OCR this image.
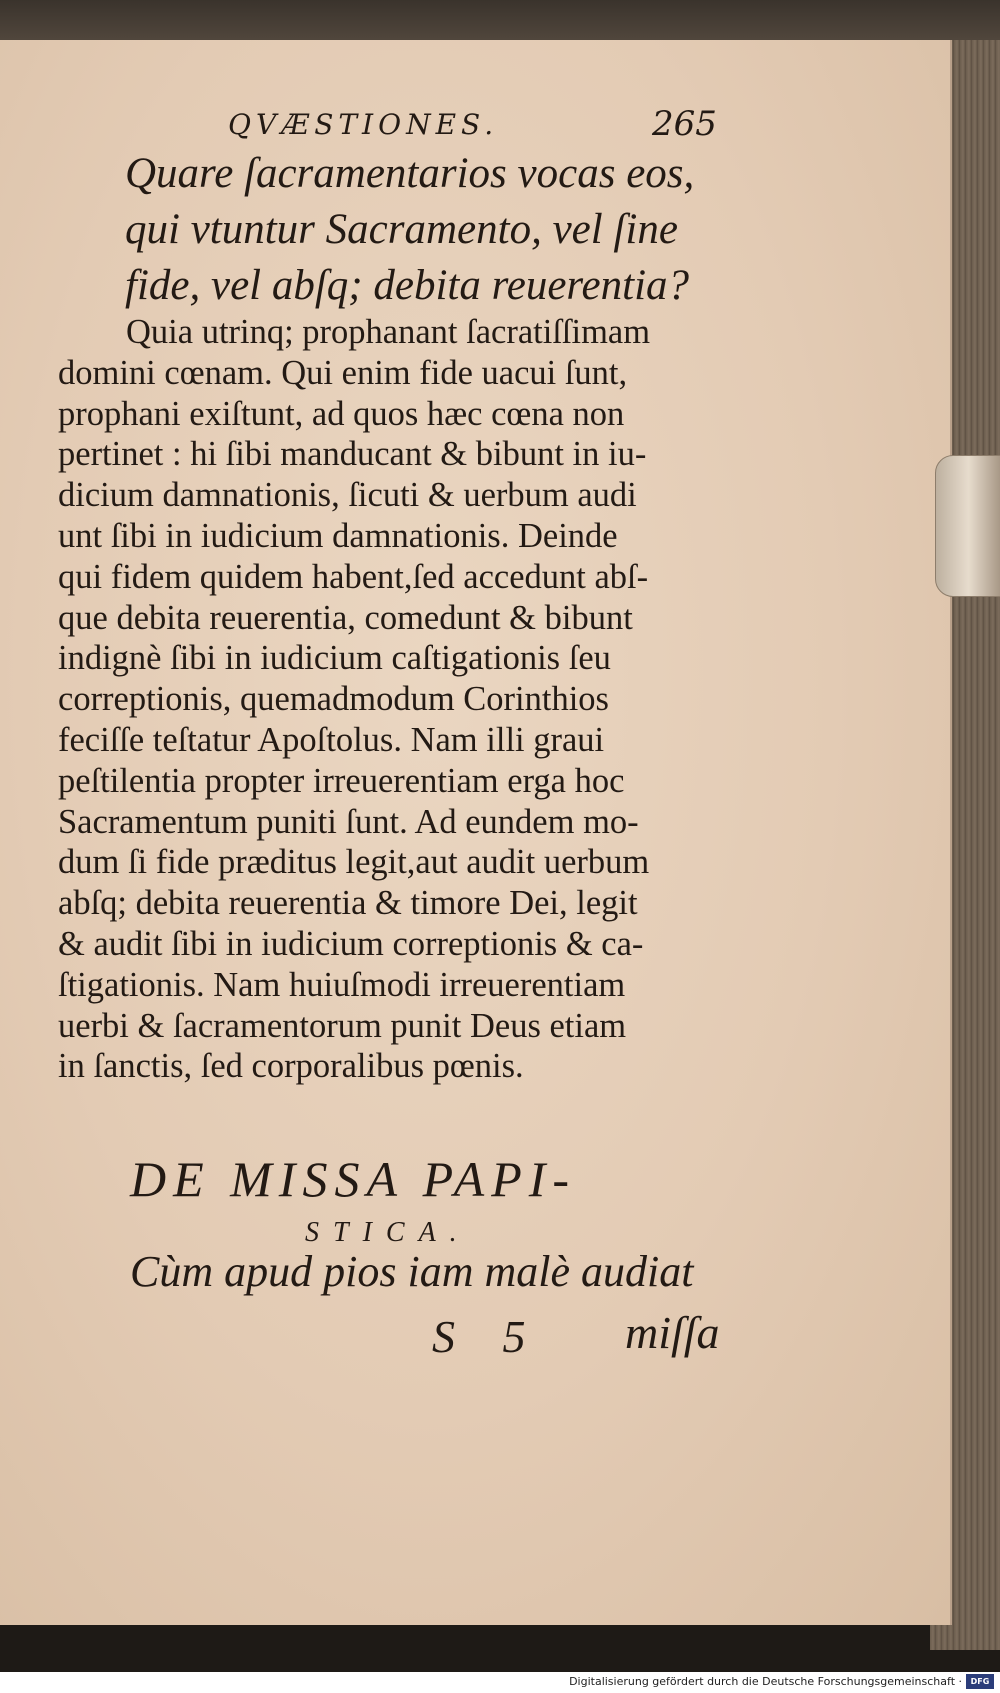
QVÆSTIONES.	265
Quare ſacramentarios vocas eos,
qui vtuntur Sacramento, vel ſine
fide, vel abſq; debita reuerentia?
Quia utrinq; prophanant ſacratiſſimam
domini cœnam. Qui enim fide uacui ſunt,
prophani exiſtunt, ad quos hæc cœna non
pertinet : hi ſibi manducant & bibunt in iu-
dicium damnationis, ſicuti & uerbum audi
unt ſibi in iudicium damnationis. Deinde
qui fidem quidem habent,ſed accedunt abſ-
que debita reuerentia, comedunt & bibunt
indignè ſibi in iudicium caſtigationis ſeu
correptionis, quemadmodum Corinthios
feciſſe teſtatur Apoſtolus. Nam illi graui
peſtilentia propter irreuerentiam erga hoc
Sacramentum puniti ſunt. Ad eundem mo-
dum ſi fide prӕditus legit,aut audit uerbum
abſq; debita reuerentia & timore Dei, legit
& audit ſibi in iudicium correptionis & ca-
ſtigationis. Nam huiuſmodi irreuerentiam
uerbi & ſacramentorum punit Deus etiam
in ſanctis, ſed corporalibus pœnis.
DE MISSA PAPI-
STICA.
Cùm apud pios iam malè audiat
S 5 miſſa
Digitalisierung gefördert durch die Deutsche Forschungsgemeinschaft ·	DFG
